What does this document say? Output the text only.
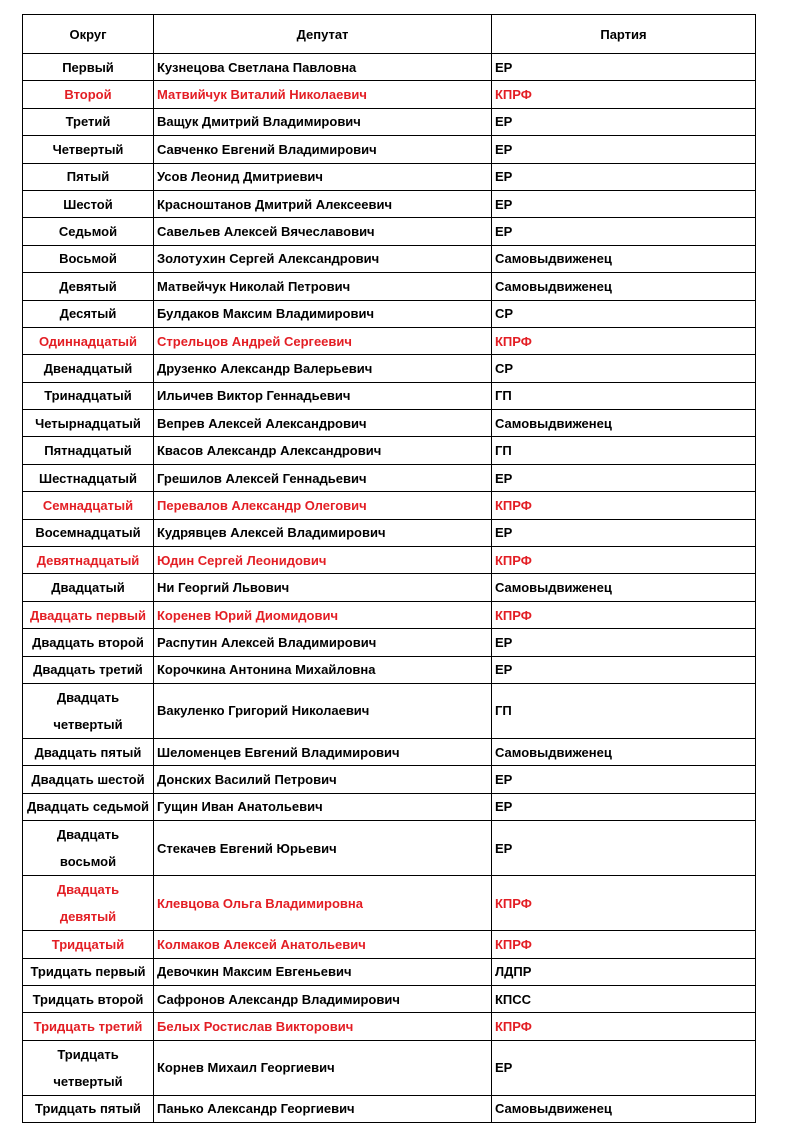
Округ	Депутат	Партия
Первый	Кузнецова Светлана Павловна	ЕР
Второй	Матвийчук Виталий Николаевич	КПРФ
Третий	Ващук Дмитрий Владимирович	ЕР
Четвертый	Савченко Евгений Владимирович	ЕР
Пятый	Усов Леонид Дмитриевич	ЕР
Шестой	Красноштанов Дмитрий Алексеевич	ЕР
Седьмой	Савельев Алексей Вячеславович	ЕР
Восьмой	Золотухин Сергей Александрович	Самовыдвиженец
Девятый	Матвейчук Николай Петрович	Самовыдвиженец
Десятый	Булдаков Максим Владимирович	СР
Одиннадцатый	Стрельцов Андрей Сергеевич	КПРФ
Двенадцатый	Друзенко Александр Валерьевич	СР
Тринадцатый	Ильичев Виктор Геннадьевич	ГП
Четырнадцатый	Вепрев Алексей Александрович	Самовыдвиженец
Пятнадцатый	Квасов Александр Александрович	ГП
Шестнадцатый	Грешилов Алексей Геннадьевич	ЕР
Семнадцатый	Перевалов Александр Олегович	КПРФ
Восемнадцатый	Кудрявцев Алексей Владимирович	ЕР
Девятнадцатый	Юдин Сергей Леонидович	КПРФ
Двадцатый	Ни Георгий Львович	Самовыдвиженец
Двадцать первый	Коренев Юрий Диомидович	КПРФ
Двадцать второй	Распутин Алексей Владимирович	ЕР
Двадцать третий	Корочкина Антонина Михайловна	ЕР
Двадцать четвертый	Вакуленко Григорий Николаевич	ГП
Двадцать пятый	Шеломенцев Евгений Владимирович	Самовыдвиженец
Двадцать шестой	Донских Василий Петрович	ЕР
Двадцать седьмой	Гущин Иван Анатольевич	ЕР
Двадцать восьмой	Стекачев Евгений Юрьевич	ЕР
Двадцать девятый	Клевцова Ольга Владимировна	КПРФ
Тридцатый	Колмаков Алексей Анатольевич	КПРФ
Тридцать первый	Девочкин Максим Евгеньевич	ЛДПР
Тридцать второй	Сафронов Александр Владимирович	КПСС
Тридцать третий	Белых Ростислав Викторович	КПРФ
Тридцать четвертый	Корнев Михаил Георгиевич	ЕР
Тридцать пятый	Панько Александр Георгиевич	Самовыдвиженец
